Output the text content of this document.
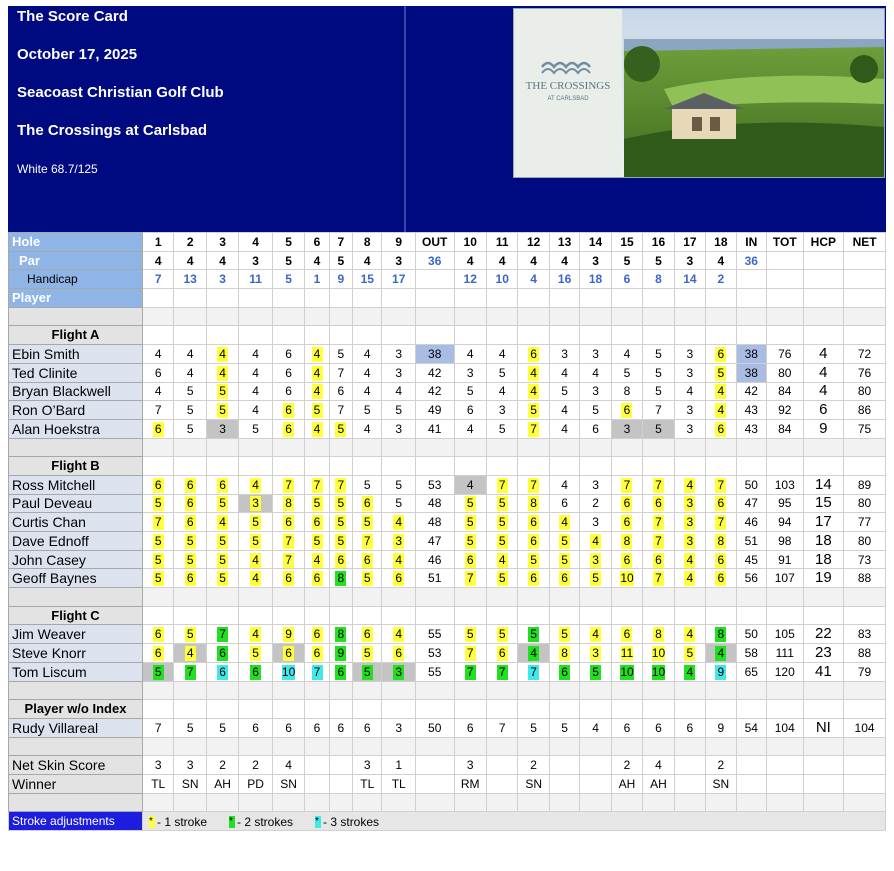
The Score Card
October 17, 2025
Seacoast Christian Golf Club
The Crossings at Carlsbad
White 68.7/125
THE CROSSINGS
AT CARLSBAD
Hole	1	2	3	4	5	6	7	8	9	OUT	10	11	12	13	14	15	16	17	18	IN	TOT	HCP	NET
Par	4	4	4	3	5	4	5	4	3	36	4	4	4	4	3	5	5	3	4	36			
Handicap	7	13	3	11	5	1	9	15	17		12	10	4	16	18	6	8	14	2				
Player																							

Flight A																							
Ebin Smith	4	4	4	4	6	4	5	4	3	38	4	4	6	3	3	4	5	3	6	38	76	4	72
Ted Clinite	6	4	4	4	6	4	7	4	3	42	3	5	4	4	4	5	5	3	5	38	80	4	76
Bryan Blackwell	4	5	5	4	6	4	6	4	4	42	5	4	4	5	3	8	5	4	4	42	84	4	80
Ron O’Bard	7	5	5	4	6	5	7	5	5	49	6	3	5	4	5	6	7	3	4	43	92	6	86
Alan Hoekstra	6	5	3	5	6	4	5	4	3	41	4	5	7	4	6	3	5	3	6	43	84	9	75

Flight B																							
Ross Mitchell	6	6	6	4	7	7	7	5	5	53	4	7	7	4	3	7	7	4	7	50	103	14	89
Paul Deveau	5	6	5	3	8	5	5	6	5	48	5	5	8	6	2	6	6	3	6	47	95	15	80
Curtis Chan	7	6	4	5	6	6	5	5	4	48	5	5	6	4	3	6	7	3	7	46	94	17	77
Dave Ednoff	5	5	5	5	7	5	5	7	3	47	5	5	6	5	4	8	7	3	8	51	98	18	80
John Casey	5	5	5	4	7	4	6	6	4	46	6	4	5	5	3	6	6	4	6	45	91	18	73
Geoff Baynes	5	6	5	4	6	6	8	5	6	51	7	5	6	6	5	10	7	4	6	56	107	19	88

Flight C																							
Jim Weaver	6	5	7	4	9	6	8	6	4	55	5	5	5	5	4	6	8	4	8	50	105	22	83
Steve Knorr	6	4	6	5	6	6	9	5	6	53	7	6	4	8	3	11	10	5	4	58	111	23	88
Tom Liscum	5	7	6	6	10	7	6	5	3	55	7	7	7	6	5	10	10	4	9	65	120	41	79

Player w/o Index																							
Rudy Villareal	7	5	5	6	6	6	6	6	3	50	6	7	5	5	4	6	6	6	9	54	104	NI	104

Net Skin Score	3	3	2	2	4			3	1		3		2			2	4		2				
Winner	TL	SN	AH	PD	SN			TL	TL		RM		SN			AH	AH		SN				

Stroke adjustments	* - 1 stroke * - 2 strokes * - 3 strokes																						
